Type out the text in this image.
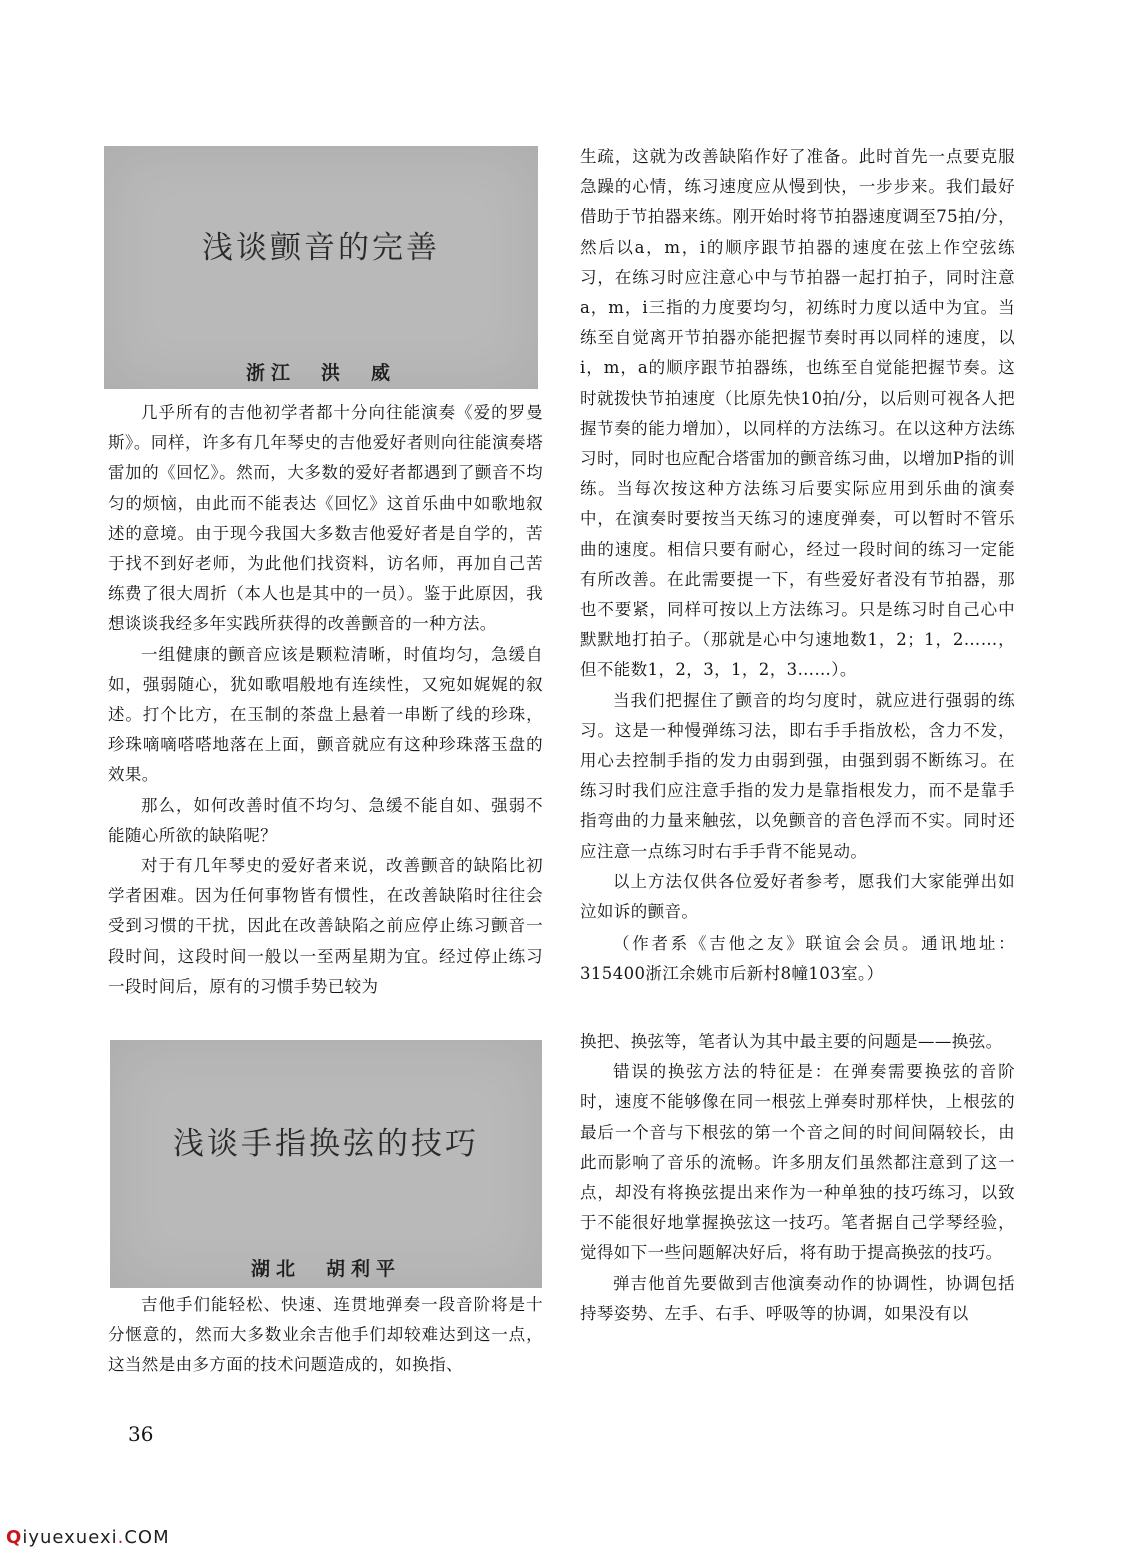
浅谈颤音的完善
浙江　洪　威

几乎所有的吉他初学者都十分向往能演奏《爱的罗曼斯》。同样，许多有几年琴史的吉他爱好者则向往能演奏塔雷加的《回忆》。然而，大多数的爱好者都遇到了颤音不均匀的烦恼，由此而不能表达《回忆》这首乐曲中如歌地叙述的意境。由于现今我国大多数吉他爱好者是自学的，苦于找不到好老师，为此他们找资料，访名师，再加自己苦练费了很大周折（本人也是其中的一员）。鉴于此原因，我想谈谈我经多年实践所获得的改善颤音的一种方法。

一组健康的颤音应该是颗粒清晰，时值均匀，急缓自如，强弱随心，犹如歌唱般地有连续性，又宛如娓娓的叙述。打个比方，在玉制的茶盘上悬着一串断了线的珍珠，珍珠嘀嘀嗒嗒地落在上面，颤音就应有这种珍珠落玉盘的效果。

那么，如何改善时值不均匀、急缓不能自如、强弱不能随心所欲的缺陷呢？

对于有几年琴史的爱好者来说，改善颤音的缺陷比初学者困难。因为任何事物皆有惯性，在改善缺陷时往往会受到习惯的干扰，因此在改善缺陷之前应停止练习颤音一段时间，这段时间一般以一至两星期为宜。经过停止练习一段时间后，原有的习惯手势已较为

生疏，这就为改善缺陷作好了准备。此时首先一点要克服急躁的心情，练习速度应从慢到快，一步步来。我们最好借助于节拍器来练。刚开始时将节拍器速度调至75拍/分，然后以a，m，i的顺序跟节拍器的速度在弦上作空弦练习，在练习时应注意心中与节拍器一起打拍子，同时注意a，m，i三指的力度要均匀，初练时力度以适中为宜。当练至自觉离开节拍器亦能把握节奏时再以同样的速度，以i，m，a的顺序跟节拍器练，也练至自觉能把握节奏。这时就拨快节拍速度（比原先快10拍/分，以后则可视各人把握节奏的能力增加），以同样的方法练习。在以这种方法练习时，同时也应配合塔雷加的颤音练习曲，以增加P指的训练。当每次按这种方法练习后要实际应用到乐曲的演奏中，在演奏时要按当天练习的速度弹奏，可以暂时不管乐曲的速度。相信只要有耐心，经过一段时间的练习一定能有所改善。在此需要提一下，有些爱好者没有节拍器，那也不要紧，同样可按以上方法练习。只是练习时自己心中默默地打拍子。（那就是心中匀速地数1，2；1，2……，但不能数1，2，3，1，2，3……）。

当我们把握住了颤音的均匀度时，就应进行强弱的练习。这是一种慢弹练习法，即右手手指放松，含力不发，用心去控制手指的发力由弱到强，由强到弱不断练习。在练习时我们应注意手指的发力是靠指根发力，而不是靠手指弯曲的力量来触弦，以免颤音的音色浮而不实。同时还应注意一点练习时右手手背不能晃动。

以上方法仅供各位爱好者参考，愿我们大家能弹出如泣如诉的颤音。

（作者系《吉他之友》联谊会会员。通讯地址：315400浙江余姚市后新村8幢103室。）

浅谈手指换弦的技巧
湖北　胡利平

吉他手们能轻松、快速、连贯地弹奏一段音阶将是十分惬意的，然而大多数业余吉他手们却较难达到这一点，这当然是由多方面的技术问题造成的，如换指、

换把、换弦等，笔者认为其中最主要的问题是——换弦。

错误的换弦方法的特征是：在弹奏需要换弦的音阶时，速度不能够像在同一根弦上弹奏时那样快，上根弦的最后一个音与下根弦的第一个音之间的时间间隔较长，由此而影响了音乐的流畅。许多朋友们虽然都注意到了这一点，却没有将换弦提出来作为一种单独的技巧练习，以致于不能很好地掌握换弦这一技巧。笔者据自己学琴经验，觉得如下一些问题解决好后，将有助于提高换弦的技巧。

弹吉他首先要做到吉他演奏动作的协调性，协调包括持琴姿势、左手、右手、呼吸等的协调，如果没有以

36
Qiyuexuexi.COM
